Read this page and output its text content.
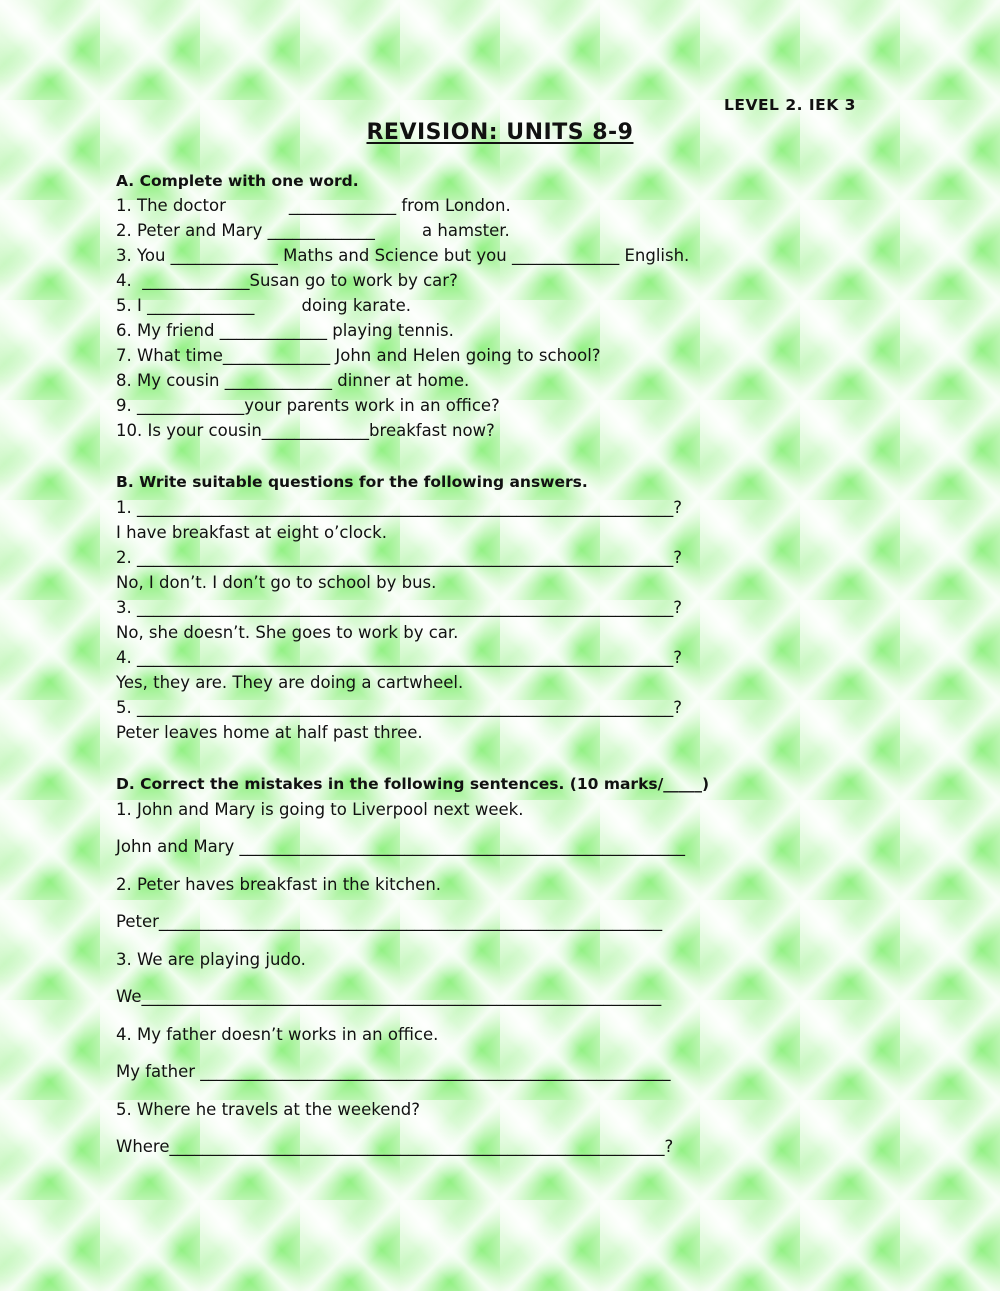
LEVEL 2. IEK 3
REVISION: UNITS 8-9
A. Complete with one word.
1. The doctor            _____________ from London.
2. Peter and Mary _____________         a hamster.
3. You _____________ Maths and Science but you _____________ English.
4.  _____________Susan go to work by car?
5. I _____________         doing karate.
6. My friend _____________ playing tennis.
7. What time_____________ John and Helen going to school?
8. My cousin _____________ dinner at home.
9. _____________your parents work in an office?
10. Is your cousin_____________breakfast now?
B. Write suitable questions for the following answers.
1. _________________________________________________________________?
I have breakfast at eight o’clock.
2. _________________________________________________________________?
No, I don’t. I don’t go to school by bus.
3. _________________________________________________________________?
No, she doesn’t. She goes to work by car.
4. _________________________________________________________________?
Yes, they are. They are doing a cartwheel.
5. _________________________________________________________________?
Peter leaves home at half past three.
D. Correct the mistakes in the following sentences. (10 marks/_____)
1. John and Mary is going to Liverpool next week.
John and Mary ______________________________________________________
2. Peter haves breakfast in the kitchen.
Peter_____________________________________________________________
3. We are playing judo.
We_______________________________________________________________
4. My father doesn’t works in an office.
My father _________________________________________________________
5. Where he travels at the weekend?
Where____________________________________________________________?
